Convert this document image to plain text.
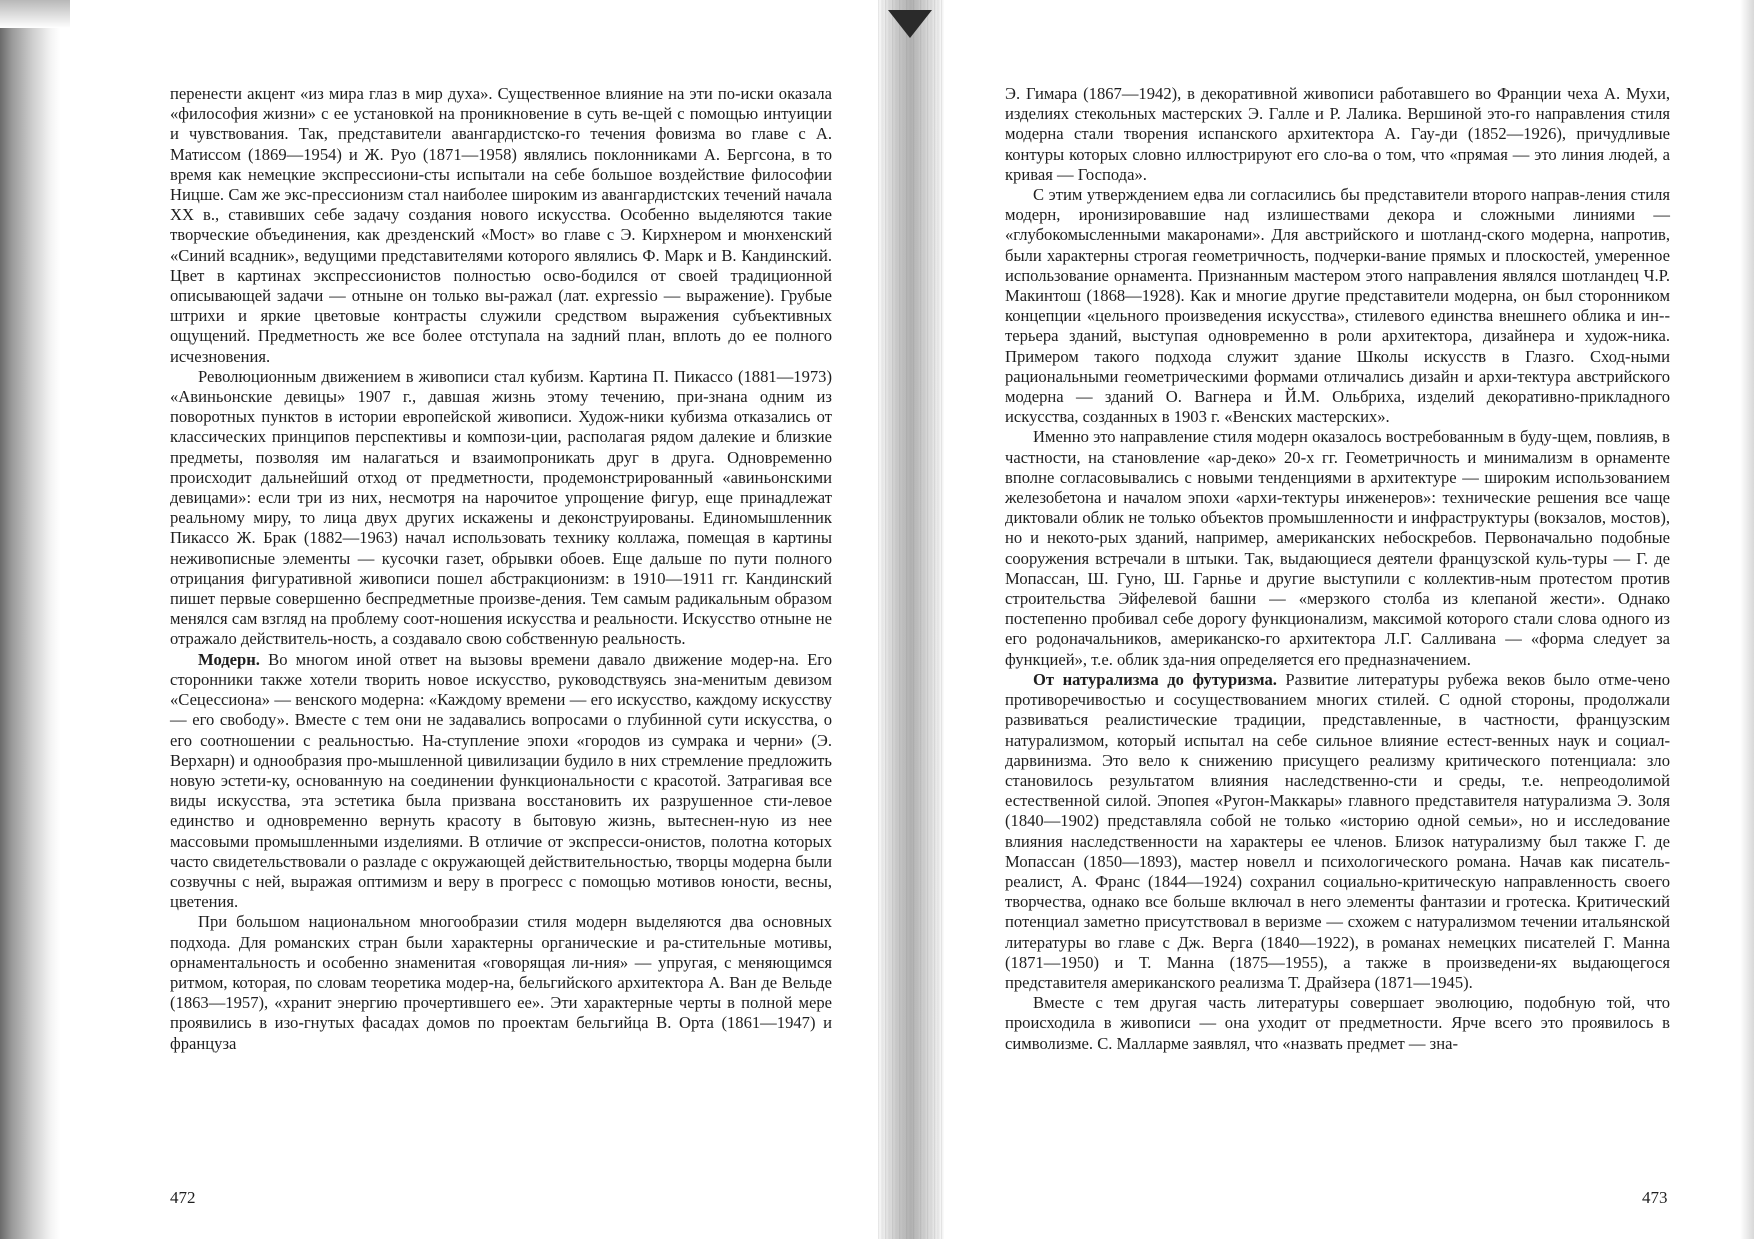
перенести акцент «из мира глаз в мир духа». Существенное влияние на эти по-иски оказала «философия жизни» с ее установкой на проникновение в суть ве-щей с помощью интуиции и чувствования. Так, представители авангардистско-го течения фовизма во главе с А. Матиссом (1869—1954) и Ж. Руо (1871—1958) являлись поклонниками А. Бергсона, в то время как немецкие экспрессиони-сты испытали на себе большое воздействие философии Ницше. Сам же экс-прессионизм стал наиболее широким из авангардистских течений начала XX в., ставивших себе задачу создания нового искусства. Особенно выделяются такие творческие объединения, как дрезденский «Мост» во главе с Э. Кирхнером и мюнхенский «Синий всадник», ведущими представителями которого являлись Ф. Марк и В. Кандинский. Цвет в картинах экспрессионистов полностью осво-бодился от своей традиционной описывающей задачи — отныне он только вы-ражал (лат. expressio — выражение). Грубые штрихи и яркие цветовые контрасты служили средством выражения субъективных ощущений. Предметность же все более отступала на задний план, вплоть до ее полного исчезновения.

Революционным движением в живописи стал кубизм. Картина П. Пикассо (1881—1973) «Авиньонские девицы» 1907 г., давшая жизнь этому течению, при-знана одним из поворотных пунктов в истории европейской живописи. Худож-ники кубизма отказались от классических принципов перспективы и компози-ции, располагая рядом далекие и близкие предметы, позволяя им налагаться и взаимопроникать друг в друга. Одновременно происходит дальнейший отход от предметности, продемонстрированный «авиньонскими девицами»: если три из них, несмотря на нарочитое упрощение фигур, еще принадлежат реальному миру, то лица двух других искажены и деконструированы. Единомышленник Пикассо Ж. Брак (1882—1963) начал использовать технику коллажа, помещая в картины неживописные элементы — кусочки газет, обрывки обоев. Еще дальше по пути полного отрицания фигуративной живописи пошел абстракционизм: в 1910—1911 гг. Кандинский пишет первые совершенно беспредметные произве-дения. Тем самым радикальным образом менялся сам взгляд на проблему соот-ношения искусства и реальности. Искусство отныне не отражало действитель-ность, а создавало свою собственную реальность.

Модерн. Во многом иной ответ на вызовы времени давало движение модер-на. Его сторонники также хотели творить новое искусство, руководствуясь зна-менитым девизом «Сецессиона» — венского модерна: «Каждому времени — его искусство, каждому искусству — его свободу». Вместе с тем они не задавались вопросами о глубинной сути искусства, о его соотношении с реальностью. На-ступление эпохи «городов из сумрака и черни» (Э. Верхарн) и однообразия про-мышленной цивилизации будило в них стремление предложить новую эстети-ку, основанную на соединении функциональности с красотой. Затрагивая все виды искусства, эта эстетика была призвана восстановить их разрушенное сти-левое единство и одновременно вернуть красоту в бытовую жизнь, вытеснен-ную из нее массовыми промышленными изделиями. В отличие от экспресси-онистов, полотна которых часто свидетельствовали о разладе с окружающей действительностью, творцы модерна были созвучны с ней, выражая оптимизм и веру в прогресс с помощью мотивов юности, весны, цветения.

При большом национальном многообразии стиля модерн выделяются два основных подхода. Для романских стран были характерны органические и ра-стительные мотивы, орнаментальность и особенно знаменитая «говорящая ли-ния» — упругая, с меняющимся ритмом, которая, по словам теоретика модер-на, бельгийского архитектора А. Ван де Вельде (1863—1957), «хранит энергию прочертившего ее». Эти характерные черты в полной мере проявились в изо-гнутых фасадах домов по проектам бельгийца В. Орта (1861—1947) и француза

472

Э. Гимара (1867—1942), в декоративной живописи работавшего во Франции чеха А. Мухи, изделиях стекольных мастерских Э. Галле и Р. Лалика. Вершиной это-го направления стиля модерна стали творения испанского архитектора А. Гау-ди (1852—1926), причудливые контуры которых словно иллюстрируют его сло-ва о том, что «прямая — это линия людей, а кривая — Господа».

С этим утверждением едва ли согласились бы представители второго направ-ления стиля модерн, иронизировавшие над излишествами декора и сложными линиями — «глубокомысленными макаронами». Для австрийского и шотланд-ского модерна, напротив, были характерны строгая геометричность, подчерки-вание прямых и плоскостей, умеренное использование орнамента. Признанным мастером этого направления являлся шотландец Ч.Р. Макинтош (1868—1928). Как и многие другие представители модерна, он был сторонником концепции «цельного произведения искусства», стилевого единства внешнего облика и ин-терьера зданий, выступая одновременно в роли архитектора, дизайнера и худож-ника. Примером такого подхода служит здание Школы искусств в Глазго. Сход-ными рациональными геометрическими формами отличались дизайн и архи-тектура австрийского модерна — зданий О. Вагнера и Й.М. Ольбриха, изделий декоративно-прикладного искусства, созданных в 1903 г. «Венских мастерских».

Именно это направление стиля модерн оказалось востребованным в буду-щем, повлияв, в частности, на становление «ар-деко» 20-х гг. Геометричность и минимализм в орнаменте вполне согласовывались с новыми тенденциями в архитектуре — широким использованием железобетона и началом эпохи «архи-тектуры инженеров»: технические решения все чаще диктовали облик не только объектов промышленности и инфраструктуры (вокзалов, мостов), но и некото-рых зданий, например, американских небоскребов. Первоначально подобные сооружения встречали в штыки. Так, выдающиеся деятели французской куль-туры — Г. де Мопассан, Ш. Гуно, Ш. Гарнье и другие выступили с коллектив-ным протестом против строительства Эйфелевой башни — «мерзкого столба из клепаной жести». Однако постепенно пробивал себе дорогу функционализм, максимой которого стали слова одного из его родоначальников, американско-го архитектора Л.Г. Салливана — «форма следует за функцией», т.е. облик зда-ния определяется его предназначением.

От натурализма до футуризма. Развитие литературы рубежа веков было отме-чено противоречивостью и сосуществованием многих стилей. С одной стороны, продолжали развиваться реалистические традиции, представленные, в частности, французским натурализмом, который испытал на себе сильное влияние естест-венных наук и социал-дарвинизма. Это вело к снижению присущего реализму критического потенциала: зло становилось результатом влияния наследственно-сти и среды, т.е. непреодолимой естественной силой. Эпопея «Ругон-Маккары» главного представителя натурализма Э. Золя (1840—1902) представляла собой не только «историю одной семьи», но и исследование влияния наследственности на характеры ее членов. Близок натурализму был также Г. де Мопассан (1850—1893), мастер новелл и психологического романа. Начав как писатель-реалист, А. Франс (1844—1924) сохранил социально-критическую направленность своего творчества, однако все больше включал в него элементы фантазии и гротеска. Критический потенциал заметно присутствовал в веризме — схожем с натурализмом течении итальянской литературы во главе с Дж. Верга (1840—1922), в романах немецких писателей Г. Манна (1871—1950) и Т. Манна (1875—1955), а также в произведени-ях выдающегося представителя американского реализма Т. Драйзера (1871—1945).

Вместе с тем другая часть литературы совершает эволюцию, подобную той, что происходила в живописи — она уходит от предметности. Ярче всего это проявилось в символизме. С. Малларме заявлял, что «назвать предмет — зна-

473
